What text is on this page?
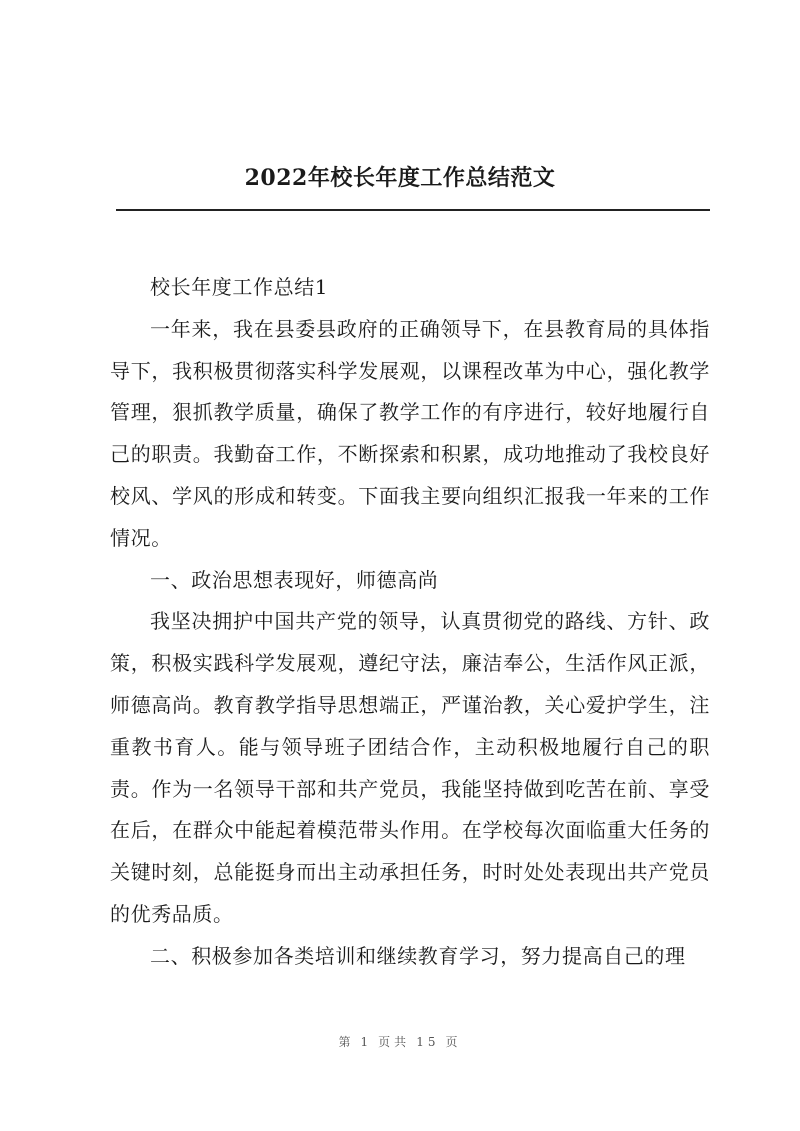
2022年校长年度工作总结范文

校长年度工作总结1

一年来，我在县委县政府的正确领导下，在县教育局的具体指导下，我积极贯彻落实科学发展观，以课程改革为中心，强化教学管理，狠抓教学质量，确保了教学工作的有序进行，较好地履行自己的职责。我勤奋工作，不断探索和积累，成功地推动了我校良好校风、学风的形成和转变。下面我主要向组织汇报我一年来的工作情况。

一、政治思想表现好，师德高尚

我坚决拥护中国共产党的领导，认真贯彻党的路线、方针、政策，积极实践科学发展观，遵纪守法，廉洁奉公，生活作风正派，师德高尚。教育教学指导思想端正，严谨治教，关心爱护学生，注重教书育人。能与领导班子团结合作，主动积极地履行自己的职责。作为一名领导干部和共产党员，我能坚持做到吃苦在前、享受在后，在群众中能起着模范带头作用。在学校每次面临重大任务的关键时刻，总能挺身而出主动承担任务，时时处处表现出共产党员的优秀品质。

二、积极参加各类培训和继续教育学习，努力提高自己的理

第 1 页共 15 页
